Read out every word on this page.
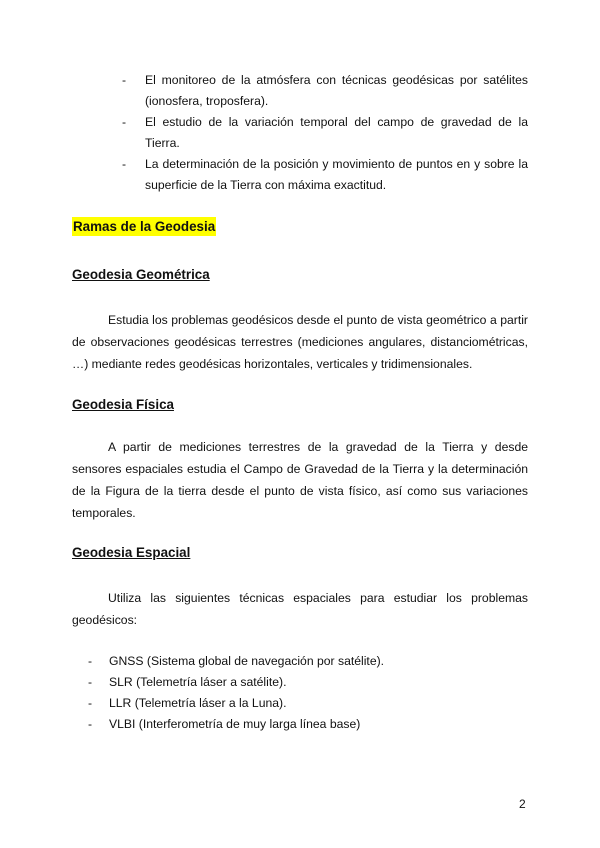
- El monitoreo de la atmósfera con técnicas geodésicas por satélites (ionosfera, troposfera).
- El estudio de la variación temporal del campo de gravedad de la Tierra.
- La determinación de la posición y movimiento de puntos en y sobre la superficie de la Tierra con máxima exactitud.
Ramas de la Geodesia
Geodesia Geométrica
Estudia los problemas geodésicos desde el punto de vista geométrico a partir de observaciones geodésicas terrestres (mediciones angulares, distanciométricas, …) mediante redes geodésicas horizontales, verticales y tridimensionales.
Geodesia Física
A partir de mediciones terrestres de la gravedad de la Tierra y desde sensores espaciales estudia el Campo de Gravedad de la Tierra y la determinación de la Figura de la tierra desde el punto de vista físico, así como sus variaciones temporales.
Geodesia Espacial
Utiliza las siguientes técnicas espaciales para estudiar los problemas geodésicos:
- GNSS (Sistema global de navegación por satélite).
- SLR (Telemetría láser a satélite).
- LLR (Telemetría láser a la Luna).
- VLBI (Interferometría de muy larga línea base)
2
